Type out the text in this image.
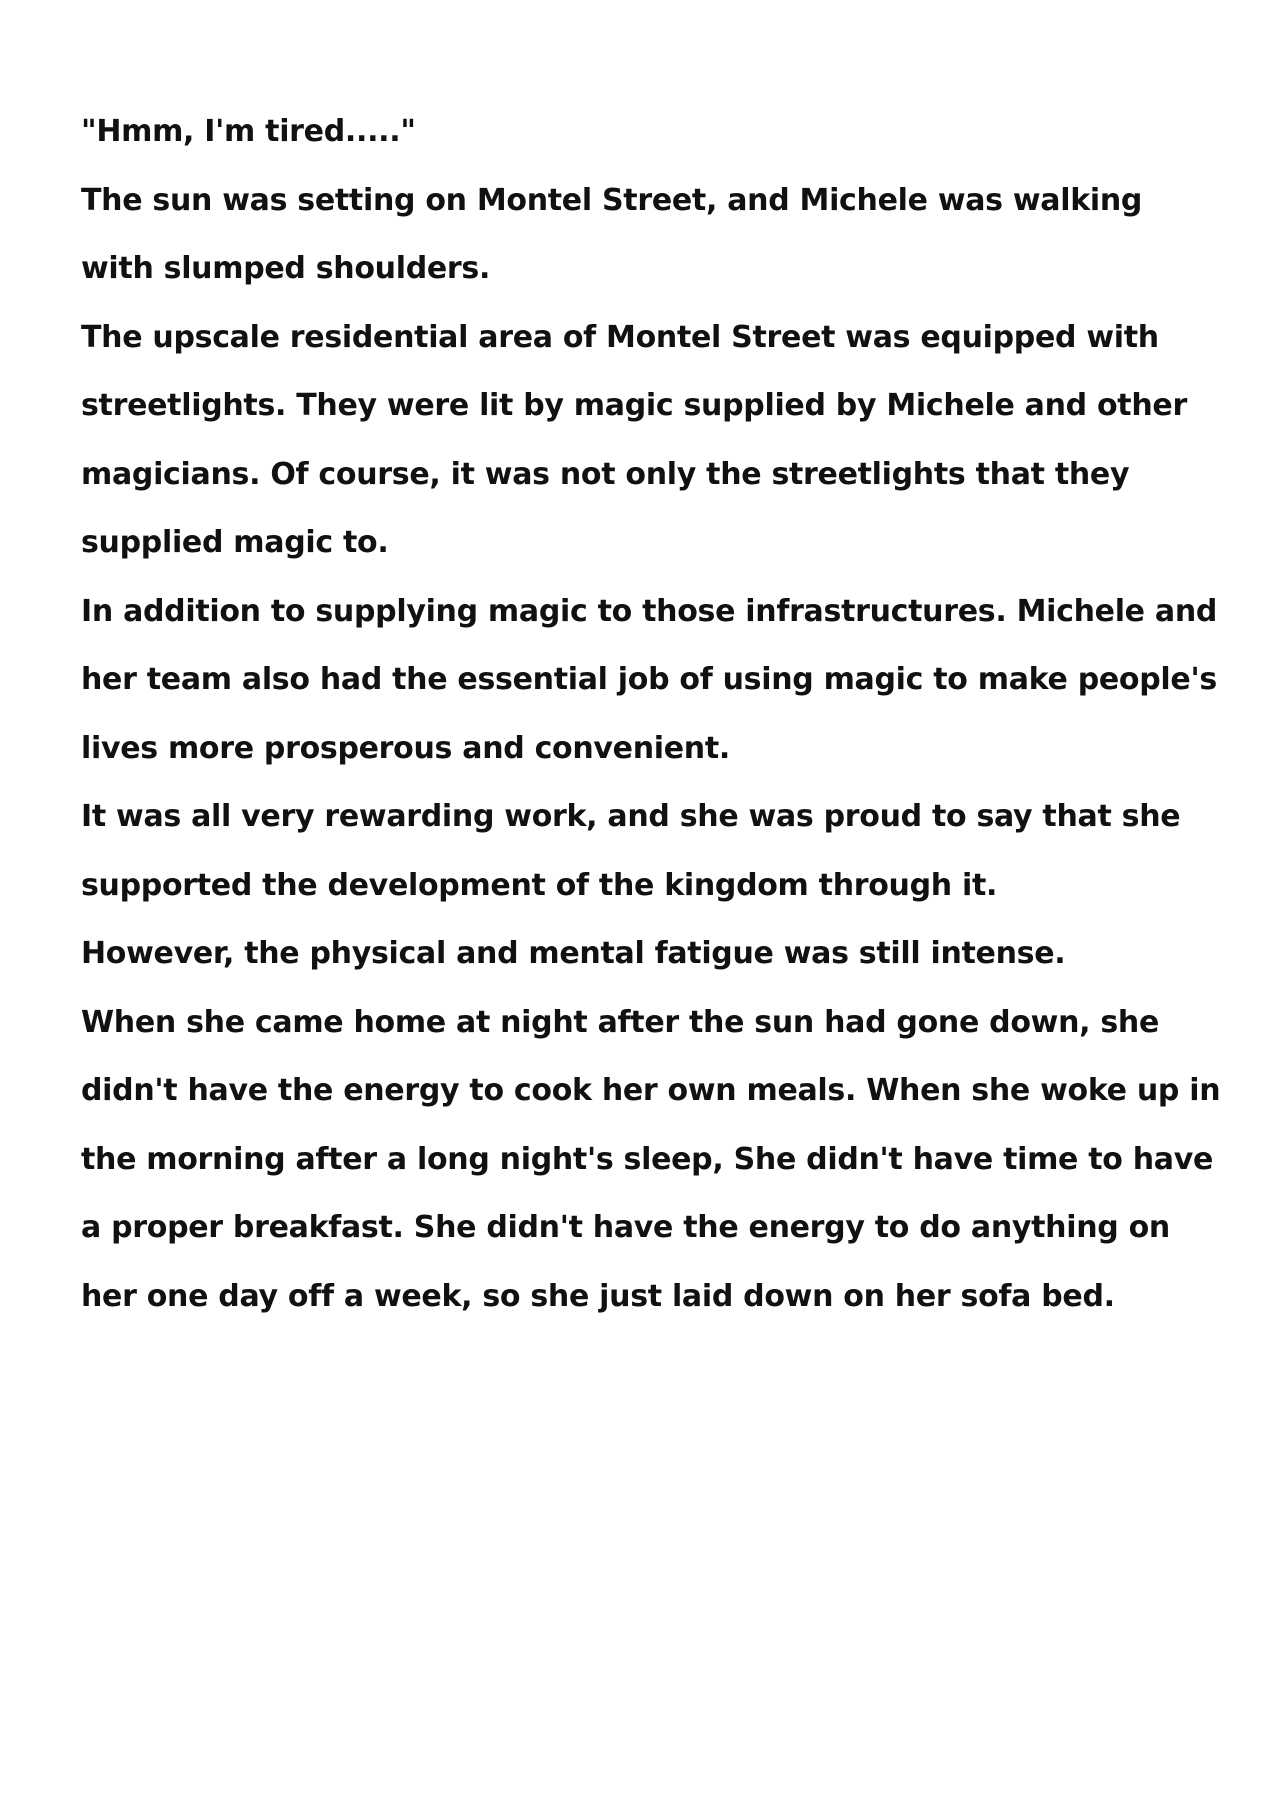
"Hmm, I'm tired....."

The sun was setting on Montel Street, and Michele was walking with slumped shoulders.

The upscale residential area of Montel Street was equipped with streetlights. They were lit by magic supplied by Michele and other magicians. Of course, it was not only the streetlights that they supplied magic to.

In addition to supplying magic to those infrastructures. Michele and her team also had the essential job of using magic to make people's lives more prosperous and convenient.

It was all very rewarding work, and she was proud to say that she supported the development of the kingdom through it.

However, the physical and mental fatigue was still intense.

When she came home at night after the sun had gone down, she didn't have the energy to cook her own meals. When she woke up in the morning after a long night's sleep, She didn't have time to have a proper breakfast. She didn't have the energy to do anything on her one day off a week, so she just laid down on her sofa bed.
